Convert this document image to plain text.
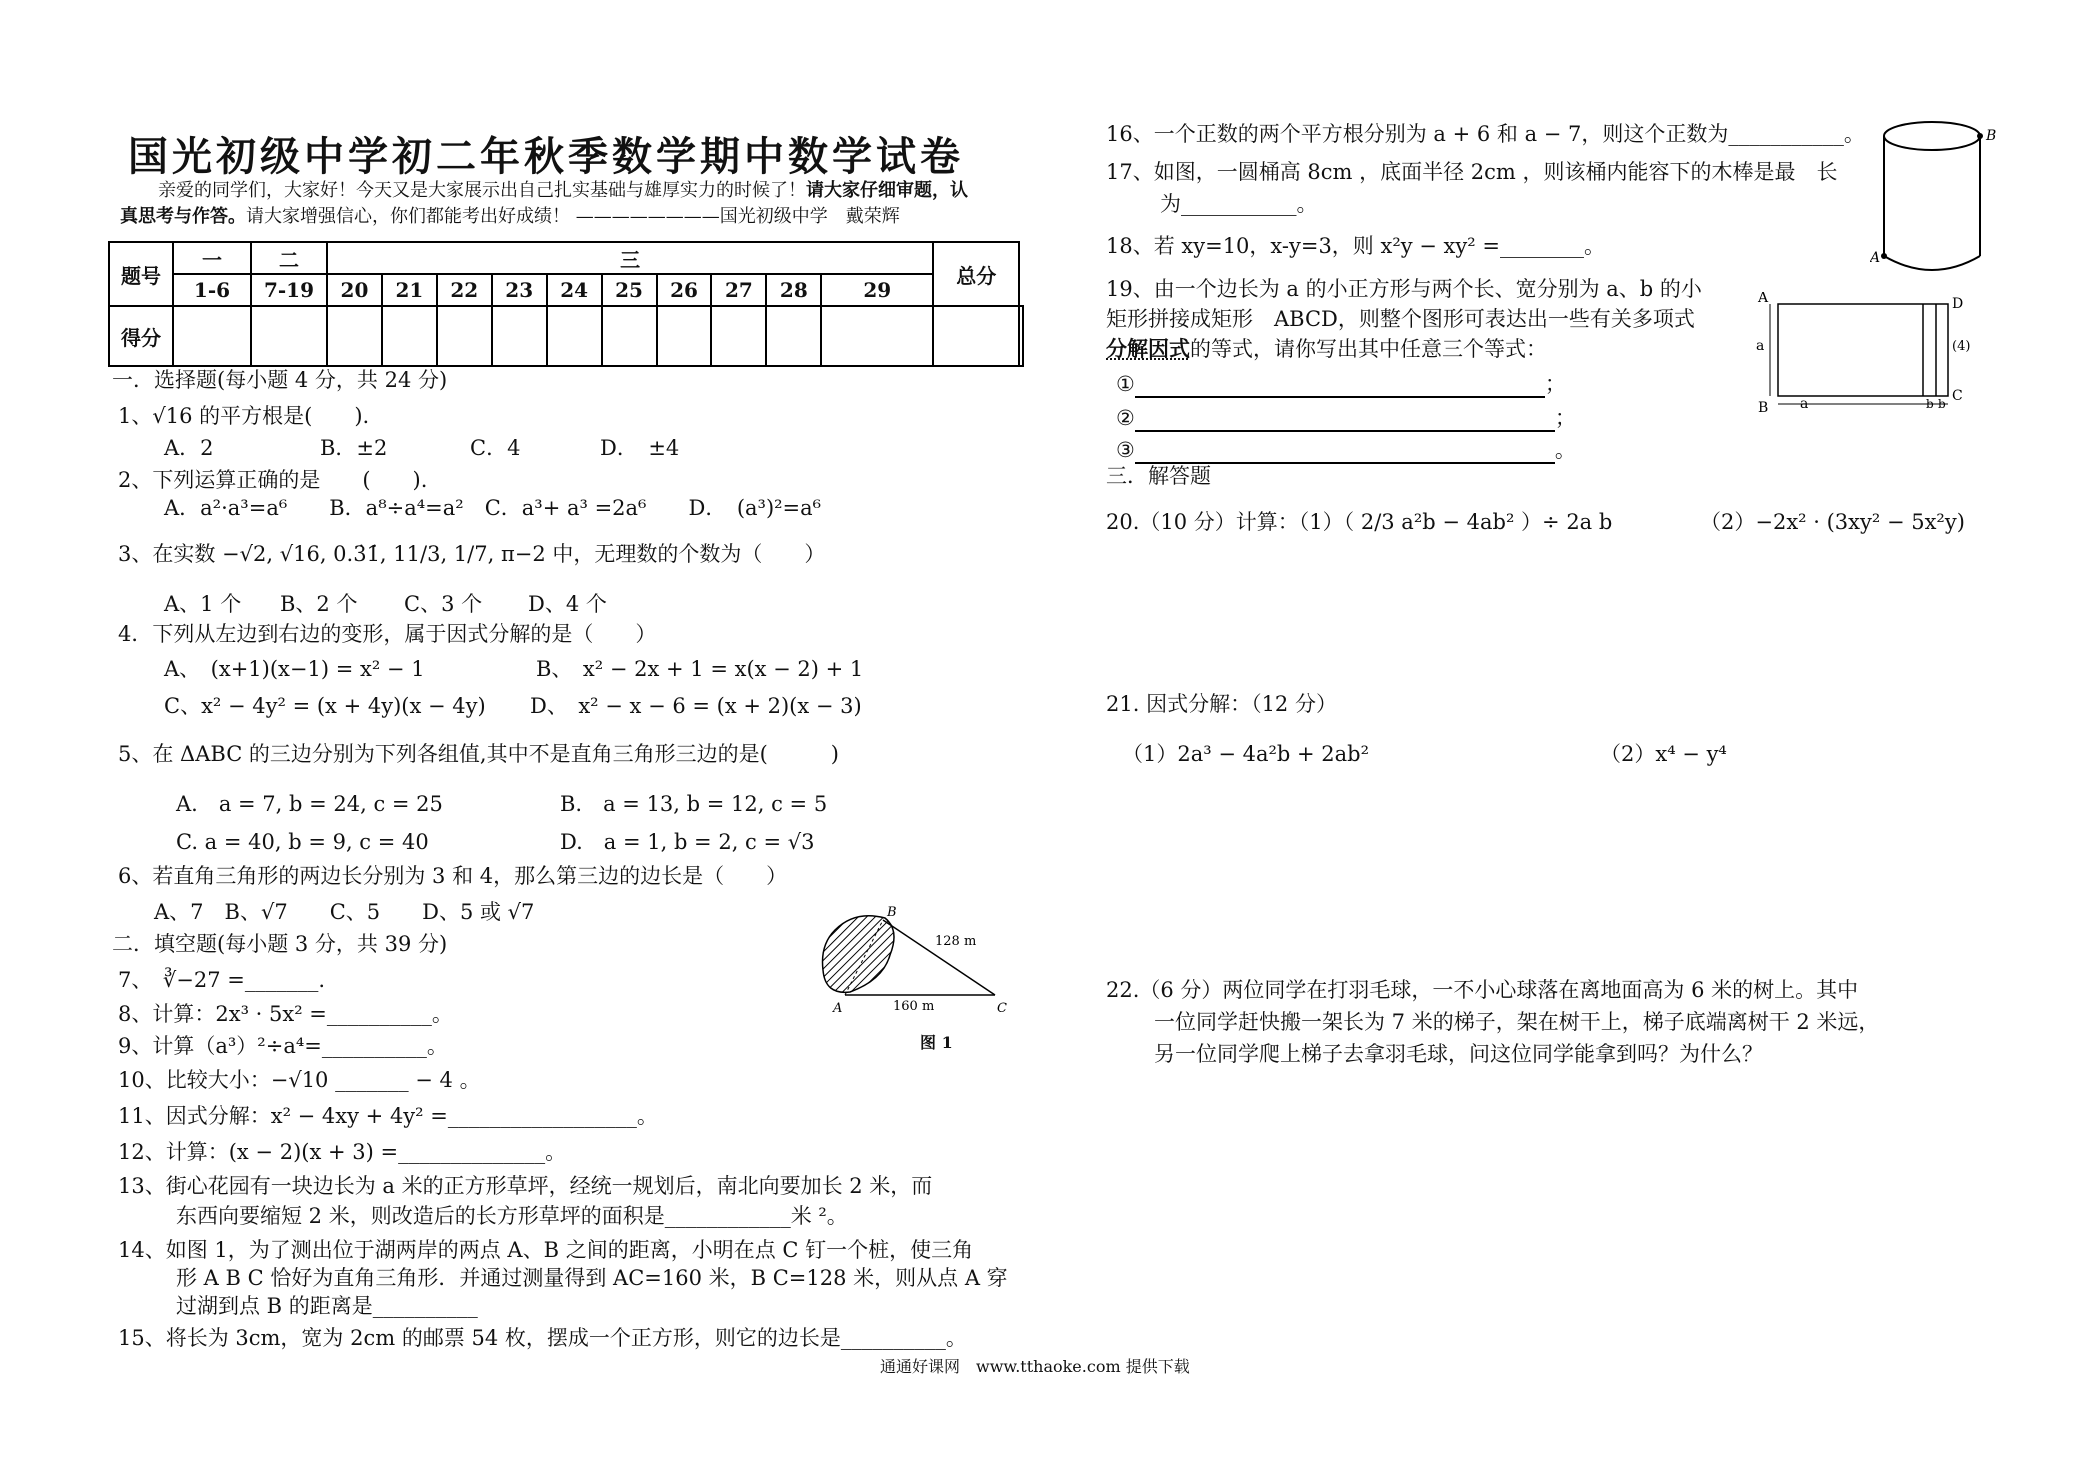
国光初级中学初二年秋季数学期中数学试卷
亲爱的同学们，大家好！今天又是大家展示出自己扎实基础与雄厚实力的时候了！请大家仔细审题，认
真思考与作答。请大家增强信心，你们都能考出好成绩！ ————————国光初级中学　戴荣辉
题号	一	二	三										总分	
	1-6	7-19	20	21	22	23	24	25	26	27	28	29		
得分														
一．选择题(每小题 4 分，共 24 分)
1、√16 的平方根是(　　).
A．2	B．±2	C．4	D．　±4
2、下列运算正确的是　　(　　).
A．a²·a³=a⁶　　B．a⁸÷a⁴=a²　C．a³+ a³ =2a⁶　　D．　(a³)²=a⁶
3、在实数 −√2, √16, 0.3̇1̇, 11/3, 1/7, π−2 中，无理数的个数为（　　）
A、1 个 B、2 个 C、3 个 D、4 个
4．下列从左边到右边的变形，属于因式分解的是（　　）
A、　(x+1)(x−1) = x² − 1	B、　x² − 2x + 1 = x(x − 2) + 1
C、x² − 4y² = (x + 4y)(x − 4y) D、　x² − x − 6 = (x + 2)(x − 3)
5、在 ΔABC 的三边分别为下列各组值,其中不是直角三角形三边的是(　　　)
A.　a = 7, b = 24, c = 25	B.　a = 13, b = 12, c = 5
C. a = 40, b = 9, c = 40	D.　a = 1, b = 2, c = √3
6、若直角三角形的两边长分别为 3 和 4，那么第三边的边长是（　　）
A、7　B、√7　　C、5　　D、5 或 √7
二．填空题(每小题 3 分，共 39 分)
7、　∛−27 =_______.
8、计算：2x³ · 5x² =__________。
9、计算（a³）²÷a⁴=__________。
10、比较大小：−√10 _______ − 4 。
11、因式分解：x² − 4xy + 4y² =__________________。
12、计算：(x − 2)(x + 3) =______________。
13、街心花园有一块边长为 a 米的正方形草坪，经统一规划后，南北向要加长 2 米，而
东西向要缩短 2 米，则改造后的长方形草坪的面积是____________米 ²。
14、如图 1，为了测出位于湖两岸的两点 A、B 之间的距离，小明在点 C 钉一个桩，使三角
形 A B C 恰好为直角三角形．并通过测量得到 AC=160 米，B C=128 米，则从点 A 穿
过湖到点 B 的距离是__________
15、将长为 3cm，宽为 2cm 的邮票 54 枚，摆成一个正方形，则它的边长是__________。
B
A	C
128 m
160 m
图 1
16、一个正数的两个平方根分别为 a + 6 和 a − 7，则这个正数为___________。
17、如图，一圆桶高 8cm ，底面半径 2cm ，则该桶内能容下的木棒是最　长
为___________。
18、若 xy=10，x-y=3，则 x²y − xy² =________。
19、由一个边长为 a 的小正方形与两个长、宽分别为 a、b 的小
矩形拼接成矩形　ABCD，则整个图形可表达出一些有关多项式
分解因式的等式，请你写出其中任意三个等式：
①	；
②	；
③	。
三．解答题
20.（10 分）计算：（1）（ 2/3 a²b − 4ab² ）÷ 2a b	（2）−2x² · (3xy² − 5x²y)
21. 因式分解：（12 分）
（1）2a³ − 4a²b + 2ab²	（2）x⁴ − y⁴
22.（6 分）两位同学在打羽毛球，一不小心球落在离地面高为 6 米的树上。其中
一位同学赶快搬一架长为 7 米的梯子，架在树干上，梯子底端离树干 2 米远，
另一位同学爬上梯子去拿羽毛球，问这位同学能拿到吗？为什么？
B
A
A
B
C
D
a
a	b b
(4)
通通好课网　www.tthaoke.com 提供下载
